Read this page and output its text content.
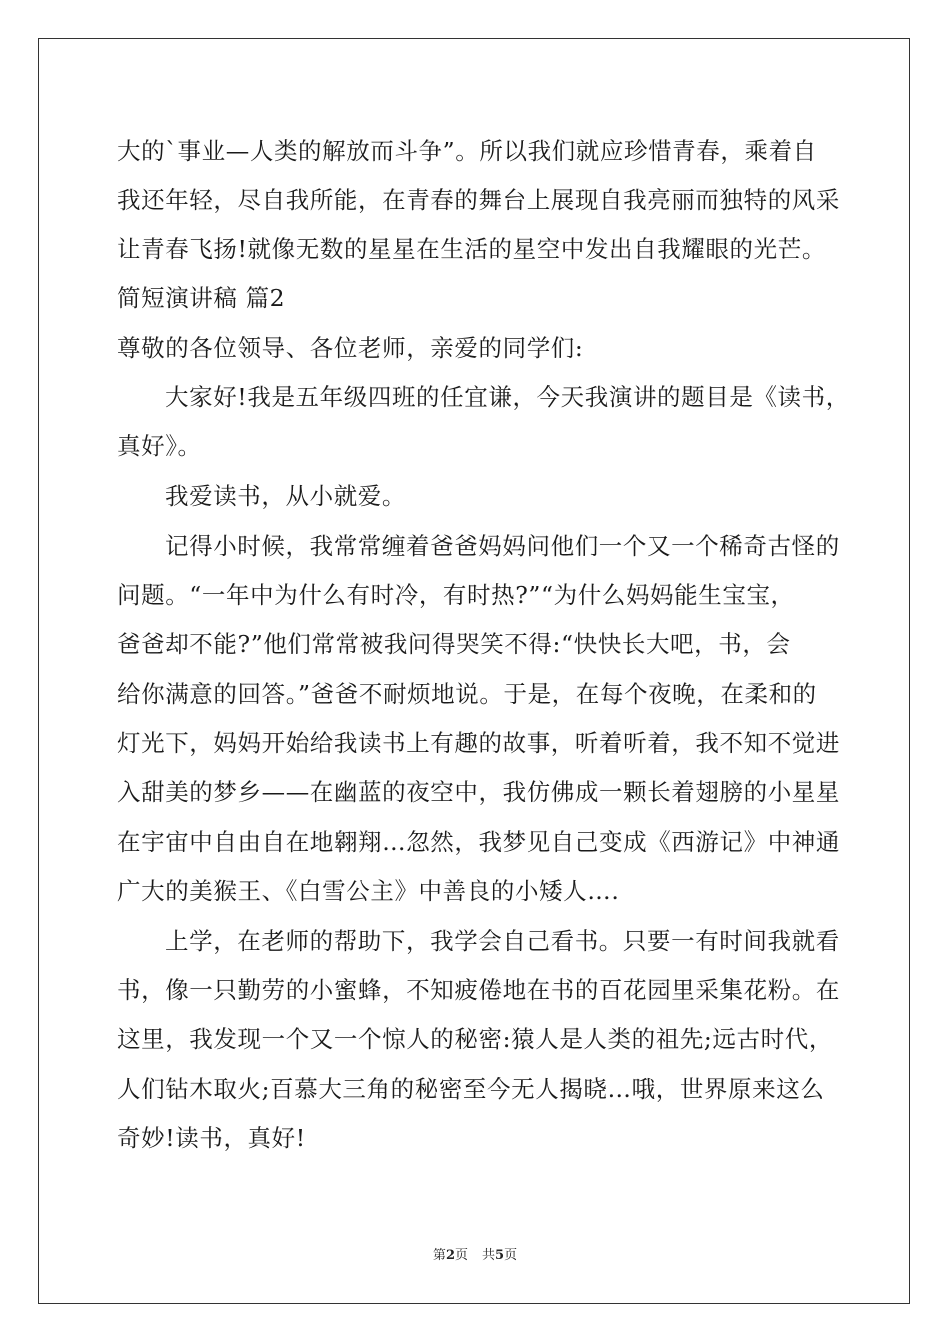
大的`事业—人类的解放而斗争”。所以我们就应珍惜青春，乘着自
我还年轻，尽自我所能，在青春的舞台上展现自我亮丽而独特的风采
让青春飞扬!就像无数的星星在生活的星空中发出自我耀眼的光芒。
简短演讲稿 篇2
尊敬的各位领导、各位老师，亲爱的同学们:
大家好!我是五年级四班的任宜谦，今天我演讲的题目是《读书，
真好》。
我爱读书，从小就爱。
记得小时候，我常常缠着爸爸妈妈问他们一个又一个稀奇古怪的
问题。“一年中为什么有时冷，有时热?”“为什么妈妈能生宝宝，
爸爸却不能?”他们常常被我问得哭笑不得:“快快长大吧，书，会
给你满意的回答。”爸爸不耐烦地说。于是，在每个夜晚，在柔和的
灯光下，妈妈开始给我读书上有趣的故事，听着听着，我不知不觉进
入甜美的梦乡——在幽蓝的夜空中，我仿佛成一颗长着翅膀的小星星
在宇宙中自由自在地翱翔…忽然，我梦见自己变成《西游记》中神通
广大的美猴王、《白雪公主》中善良的小矮人….
上学，在老师的帮助下，我学会自己看书。只要一有时间我就看
书，像一只勤劳的小蜜蜂，不知疲倦地在书的百花园里采集花粉。在
这里，我发现一个又一个惊人的秘密:猿人是人类的祖先;远古时代，
人们钻木取火;百慕大三角的秘密至今无人揭晓…哦，世界原来这么
奇妙!读书，真好!
第2页 共5页
